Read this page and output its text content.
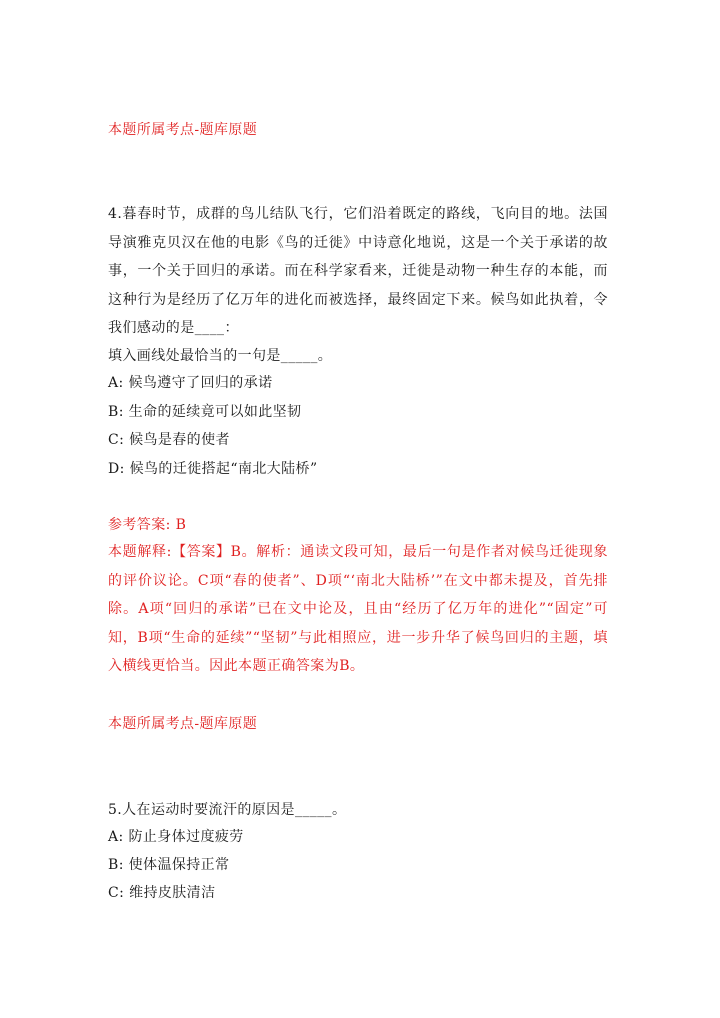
本题所属考点-题库原题
4.暮春时节，成群的鸟儿结队飞行，它们沿着既定的路线，飞向目的地。法国导演雅克贝汉在他的电影《鸟的迁徙》中诗意化地说，这是一个关于承诺的故事，一个关于回归的承诺。而在科学家看来，迁徙是动物一种生存的本能，而这种行为是经历了亿万年的进化而被选择，最终固定下来。候鸟如此执着，令我们感动的是____：
填入画线处最恰当的一句是_____。
A: 候鸟遵守了回归的承诺
B: 生命的延续竟可以如此坚韧
C: 候鸟是春的使者
D: 候鸟的迁徙搭起“南北大陆桥”
参考答案: B
本题解释:【答案】B。解析：通读文段可知，最后一句是作者对候鸟迁徙现象的评价议论。C项“春的使者”、D项“‘南北大陆桥’”在文中都未提及，首先排除。A项“回归的承诺”已在文中论及，且由“经历了亿万年的进化”“固定”可知，B项“生命的延续”“坚韧”与此相照应，进一步升华了候鸟回归的主题，填入横线更恰当。因此本题正确答案为B。
本题所属考点-题库原题
5.人在运动时要流汗的原因是_____。
A: 防止身体过度疲劳
B: 使体温保持正常
C: 维持皮肤清洁
